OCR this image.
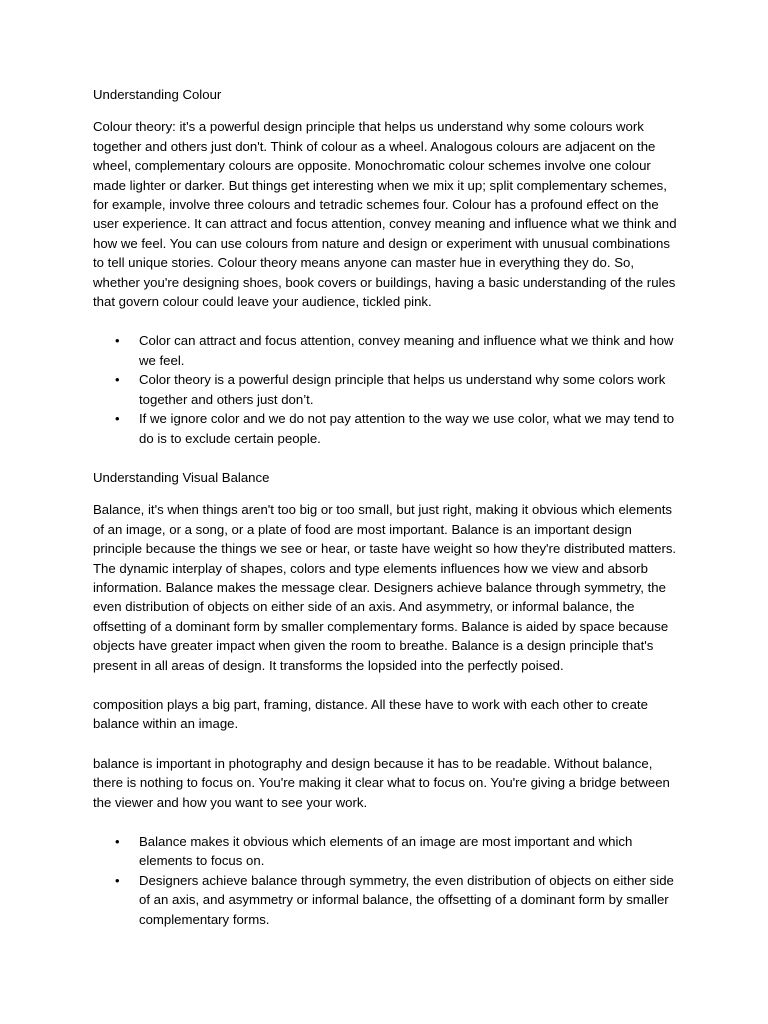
Understanding Colour

Colour theory: it's a powerful design principle that helps us understand why some colours work together and others just don't. Think of colour as a wheel. Analogous colours are adjacent on the wheel, complementary colours are opposite. Monochromatic colour schemes involve one colour made lighter or darker. But things get interesting when we mix it up; split complementary schemes, for example, involve three colours and tetradic schemes four. Colour has a profound effect on the user experience. It can attract and focus attention, convey meaning and influence what we think and how we feel. You can use colours from nature and design or experiment with unusual combinations to tell unique stories. Colour theory means anyone can master hue in everything they do. So, whether you're designing shoes, book covers or buildings, having a basic understanding of the rules that govern colour could leave your audience, tickled pink.

• Color can attract and focus attention, convey meaning and influence what we think and how we feel.
• Color theory is a powerful design principle that helps us understand why some colors work together and others just don’t.
• If we ignore color and we do not pay attention to the way we use color, what we may tend to do is to exclude certain people.
Understanding Visual Balance

Balance, it's when things aren't too big or too small, but just right, making it obvious which elements of an image, or a song, or a plate of food are most important. Balance is an important design principle because the things we see or hear, or taste have weight so how they're distributed matters. The dynamic interplay of shapes, colors and type elements influences how we view and absorb information. Balance makes the message clear. Designers achieve balance through symmetry, the even distribution of objects on either side of an axis. And asymmetry, or informal balance, the offsetting of a dominant form by smaller complementary forms. Balance is aided by space because objects have greater impact when given the room to breathe. Balance is a design principle that's present in all areas of design. It transforms the lopsided into the perfectly poised.

composition plays a big part, framing, distance. All these have to work with each other to create balance within an image.

balance is important in photography and design because it has to be readable. Without balance, there is nothing to focus on. You're making it clear what to focus on. You're giving a bridge between the viewer and how you want to see your work.

• Balance makes it obvious which elements of an image are most important and which elements to focus on.
• Designers achieve balance through symmetry, the even distribution of objects on either side of an axis, and asymmetry or informal balance, the offsetting of a dominant form by smaller complementary forms.
